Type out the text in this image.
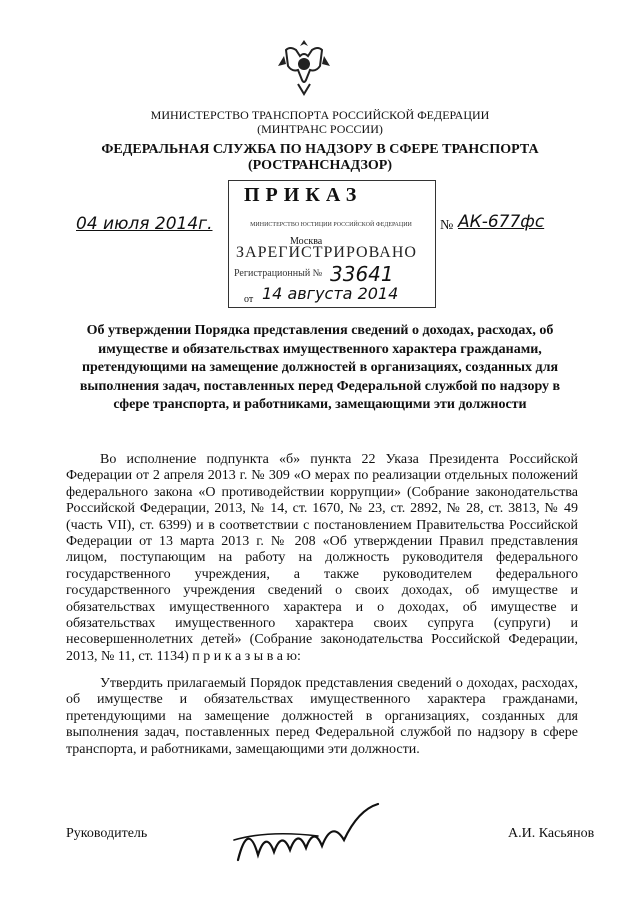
МИНИСТЕРСТВО ТРАНСПОРТА РОССИЙСКОЙ ФЕДЕРАЦИИ
(МИНТРАНС РОССИИ)
ФЕДЕРАЛЬНАЯ СЛУЖБА ПО НАДЗОРУ В СФЕРЕ ТРАНСПОРТА
(РОСТРАНСНАДЗОР)
ПРИКАЗ
МИНИСТЕРСТВО ЮСТИЦИИ РОССИЙСКОЙ ФЕДЕРАЦИИ
Москва
ЗАРЕГИСТРИРОВАНО
Регистрационный № 33641
от 14 августа 2014
04 июля 2014г.	№ АК-677фс
Об утверждении Порядка представления сведений о доходах, расходах, об имуществе и обязательствах имущественного характера гражданами, претендующими на замещение должностей в организациях, созданных для выполнения задач, поставленных перед Федеральной службой по надзору в сфере транспорта, и работниками, замещающими эти должности
Во исполнение подпункта «б» пункта 22 Указа Президента Российской Федерации от 2 апреля 2013 г. № 309 «О мерах по реализации отдельных положений федерального закона «О противодействии коррупции» (Собрание законодательства Российской Федерации, 2013, № 14, ст. 1670, № 23, ст. 2892, № 28, ст. 3813, № 49 (часть VII), ст. 6399) и в соответствии с постановлением Правительства Российской Федерации от 13 марта 2013 г. № 208 «Об утверждении Правил представления лицом, поступающим на работу на должность руководителя федерального государственного учреждения, а также руководителем федерального государственного учреждения сведений о своих доходах, об имуществе и обязательствах имущественного характера и о доходах, об имуществе и обязательствах имущественного характера своих супруга (супруги) и несовершеннолетних детей» (Собрание законодательства Российской Федерации, 2013, № 11, ст. 1134) п р и к а з ы в а ю:
Утвердить прилагаемый Порядок представления сведений о доходах, расходах, об имуществе и обязательствах имущественного характера гражданами, претендующими на замещение должностей в организациях, созданных для выполнения задач, поставленных перед Федеральной службой по надзору в сфере транспорта, и работниками, замещающими эти должности.
Руководитель	А.И. Касьянов
